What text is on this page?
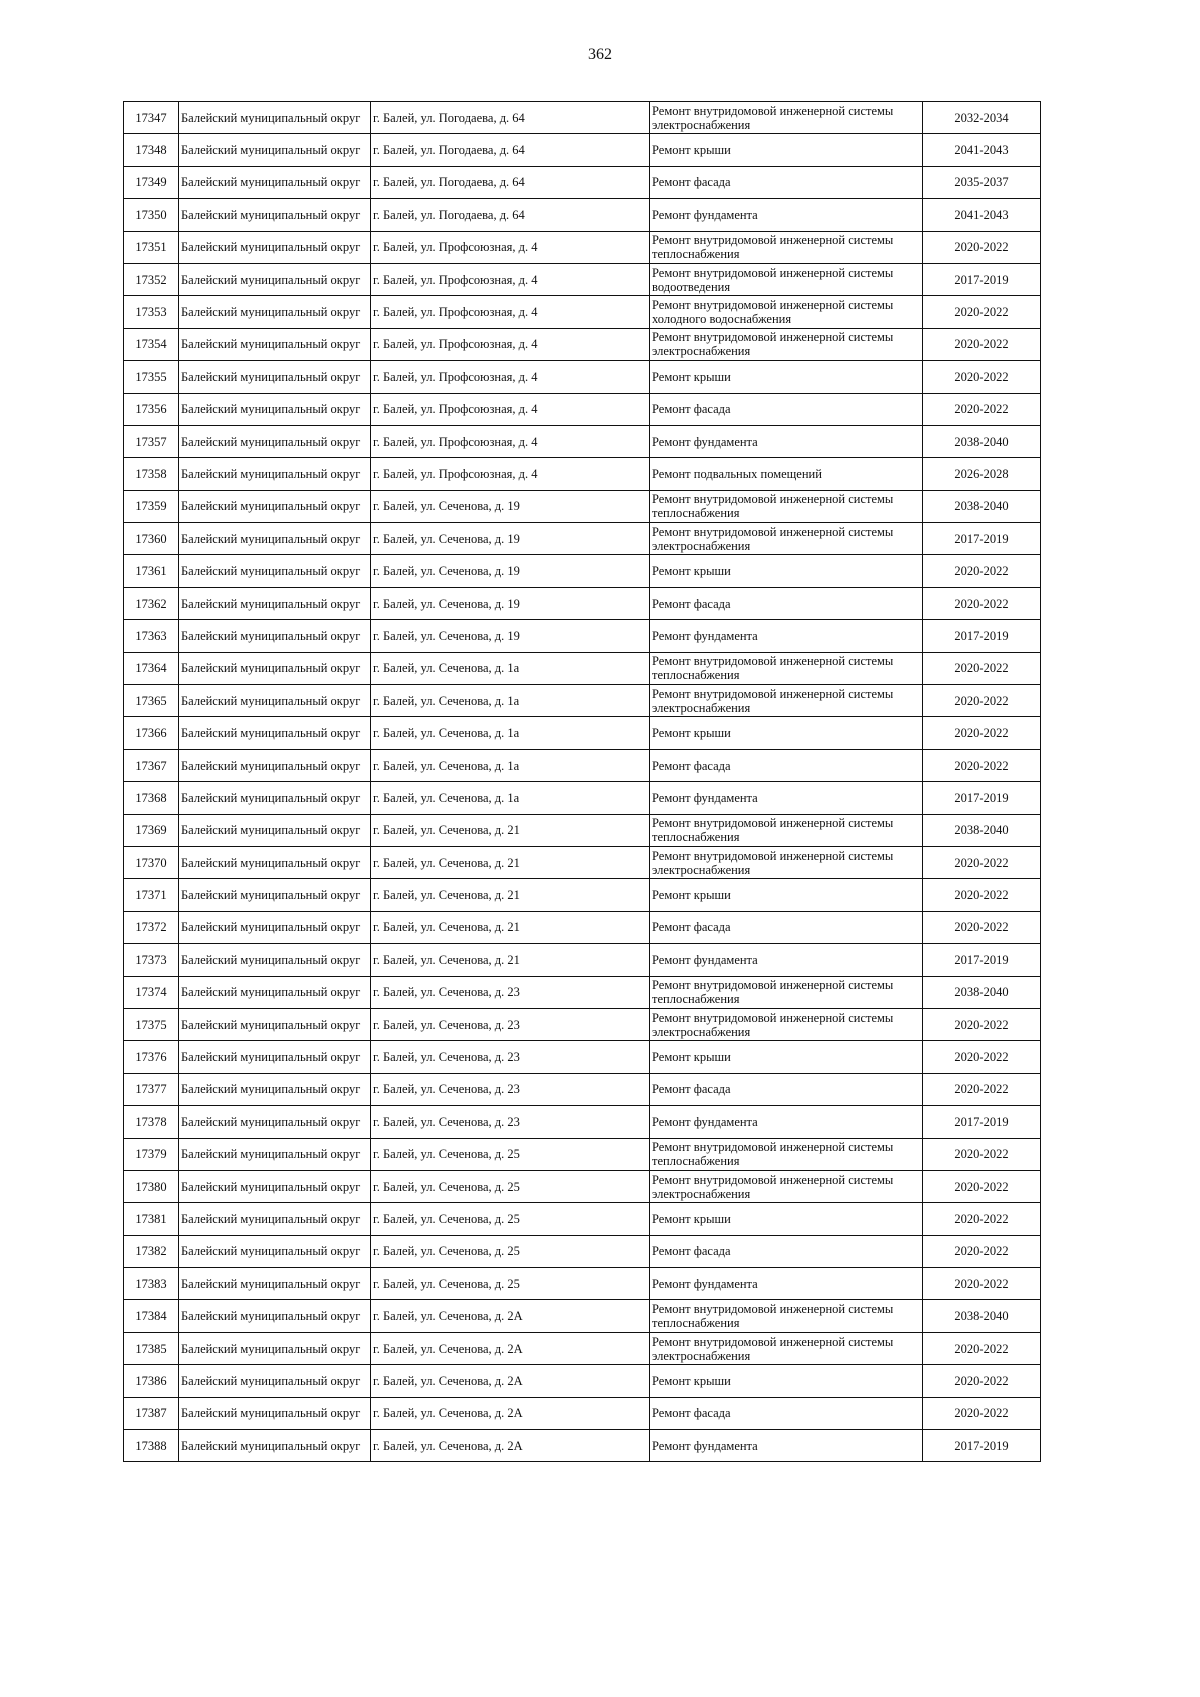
362
17347	Балейский муниципальный округ	г. Балей, ул. Погодаева, д. 64	Ремонт внутридомовой инженерной системы электроснабжения	2032-2034
17348	Балейский муниципальный округ	г. Балей, ул. Погодаева, д. 64	Ремонт крыши	2041-2043
17349	Балейский муниципальный округ	г. Балей, ул. Погодаева, д. 64	Ремонт фасада	2035-2037
17350	Балейский муниципальный округ	г. Балей, ул. Погодаева, д. 64	Ремонт фундамента	2041-2043
17351	Балейский муниципальный округ	г. Балей, ул. Профсоюзная, д. 4	Ремонт внутридомовой инженерной системы теплоснабжения	2020-2022
17352	Балейский муниципальный округ	г. Балей, ул. Профсоюзная, д. 4	Ремонт внутридомовой инженерной системы водоотведения	2017-2019
17353	Балейский муниципальный округ	г. Балей, ул. Профсоюзная, д. 4	Ремонт внутридомовой инженерной системы холодного водоснабжения	2020-2022
17354	Балейский муниципальный округ	г. Балей, ул. Профсоюзная, д. 4	Ремонт внутридомовой инженерной системы электроснабжения	2020-2022
17355	Балейский муниципальный округ	г. Балей, ул. Профсоюзная, д. 4	Ремонт крыши	2020-2022
17356	Балейский муниципальный округ	г. Балей, ул. Профсоюзная, д. 4	Ремонт фасада	2020-2022
17357	Балейский муниципальный округ	г. Балей, ул. Профсоюзная, д. 4	Ремонт фундамента	2038-2040
17358	Балейский муниципальный округ	г. Балей, ул. Профсоюзная, д. 4	Ремонт подвальных помещений	2026-2028
17359	Балейский муниципальный округ	г. Балей, ул. Сеченова, д. 19	Ремонт внутридомовой инженерной системы теплоснабжения	2038-2040
17360	Балейский муниципальный округ	г. Балей, ул. Сеченова, д. 19	Ремонт внутридомовой инженерной системы электроснабжения	2017-2019
17361	Балейский муниципальный округ	г. Балей, ул. Сеченова, д. 19	Ремонт крыши	2020-2022
17362	Балейский муниципальный округ	г. Балей, ул. Сеченова, д. 19	Ремонт фасада	2020-2022
17363	Балейский муниципальный округ	г. Балей, ул. Сеченова, д. 19	Ремонт фундамента	2017-2019
17364	Балейский муниципальный округ	г. Балей, ул. Сеченова, д. 1а	Ремонт внутридомовой инженерной системы теплоснабжения	2020-2022
17365	Балейский муниципальный округ	г. Балей, ул. Сеченова, д. 1а	Ремонт внутридомовой инженерной системы электроснабжения	2020-2022
17366	Балейский муниципальный округ	г. Балей, ул. Сеченова, д. 1а	Ремонт крыши	2020-2022
17367	Балейский муниципальный округ	г. Балей, ул. Сеченова, д. 1а	Ремонт фасада	2020-2022
17368	Балейский муниципальный округ	г. Балей, ул. Сеченова, д. 1а	Ремонт фундамента	2017-2019
17369	Балейский муниципальный округ	г. Балей, ул. Сеченова, д. 21	Ремонт внутридомовой инженерной системы теплоснабжения	2038-2040
17370	Балейский муниципальный округ	г. Балей, ул. Сеченова, д. 21	Ремонт внутридомовой инженерной системы электроснабжения	2020-2022
17371	Балейский муниципальный округ	г. Балей, ул. Сеченова, д. 21	Ремонт крыши	2020-2022
17372	Балейский муниципальный округ	г. Балей, ул. Сеченова, д. 21	Ремонт фасада	2020-2022
17373	Балейский муниципальный округ	г. Балей, ул. Сеченова, д. 21	Ремонт фундамента	2017-2019
17374	Балейский муниципальный округ	г. Балей, ул. Сеченова, д. 23	Ремонт внутридомовой инженерной системы теплоснабжения	2038-2040
17375	Балейский муниципальный округ	г. Балей, ул. Сеченова, д. 23	Ремонт внутридомовой инженерной системы электроснабжения	2020-2022
17376	Балейский муниципальный округ	г. Балей, ул. Сеченова, д. 23	Ремонт крыши	2020-2022
17377	Балейский муниципальный округ	г. Балей, ул. Сеченова, д. 23	Ремонт фасада	2020-2022
17378	Балейский муниципальный округ	г. Балей, ул. Сеченова, д. 23	Ремонт фундамента	2017-2019
17379	Балейский муниципальный округ	г. Балей, ул. Сеченова, д. 25	Ремонт внутридомовой инженерной системы теплоснабжения	2020-2022
17380	Балейский муниципальный округ	г. Балей, ул. Сеченова, д. 25	Ремонт внутридомовой инженерной системы электроснабжения	2020-2022
17381	Балейский муниципальный округ	г. Балей, ул. Сеченова, д. 25	Ремонт крыши	2020-2022
17382	Балейский муниципальный округ	г. Балей, ул. Сеченова, д. 25	Ремонт фасада	2020-2022
17383	Балейский муниципальный округ	г. Балей, ул. Сеченова, д. 25	Ремонт фундамента	2020-2022
17384	Балейский муниципальный округ	г. Балей, ул. Сеченова, д. 2А	Ремонт внутридомовой инженерной системы теплоснабжения	2038-2040
17385	Балейский муниципальный округ	г. Балей, ул. Сеченова, д. 2А	Ремонт внутридомовой инженерной системы электроснабжения	2020-2022
17386	Балейский муниципальный округ	г. Балей, ул. Сеченова, д. 2А	Ремонт крыши	2020-2022
17387	Балейский муниципальный округ	г. Балей, ул. Сеченова, д. 2А	Ремонт фасада	2020-2022
17388	Балейский муниципальный округ	г. Балей, ул. Сеченова, д. 2А	Ремонт фундамента	2017-2019
